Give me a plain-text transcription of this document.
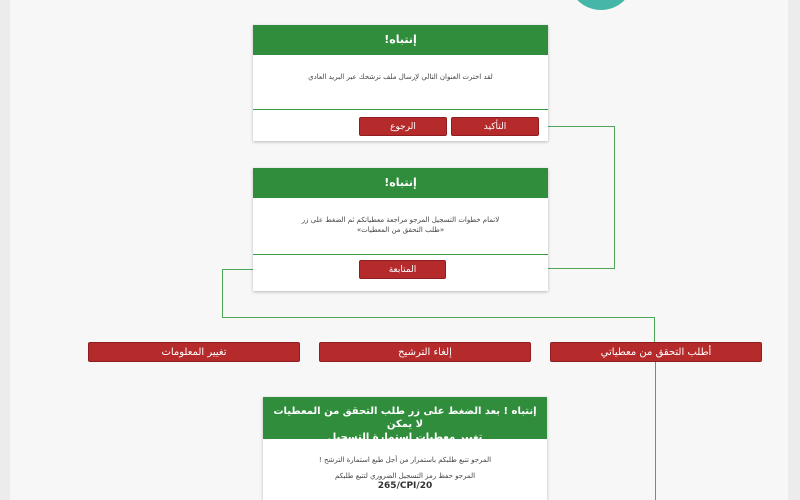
إنتباه!
لقد اخترت العنوان التالي لإرسال ملف ترشحك عبر البريد العادي
التأكيد
الرجوع
إنتباه!
لاتمام خطوات التسجيل المرجو مراجعة معطياتكم ثم الضغط على زر
«طلب التحقق من المعطيات»
المتابعة
أطلب التحقق من معطياتي
إلغاء الترشيح
تغيير المعلومات
إنتباه ! بعد الضغط على زر طلب التحقق من المعطيات لا يمكن
تغيير معطيات إستمارة التسجيل
المرجو تتبع طلبكم باستمرار من أجل طبع استمارة الترشح !
المرجو حفظ رمز التسجيل الضروري لتتبع طلبكم
265/CPI/20
